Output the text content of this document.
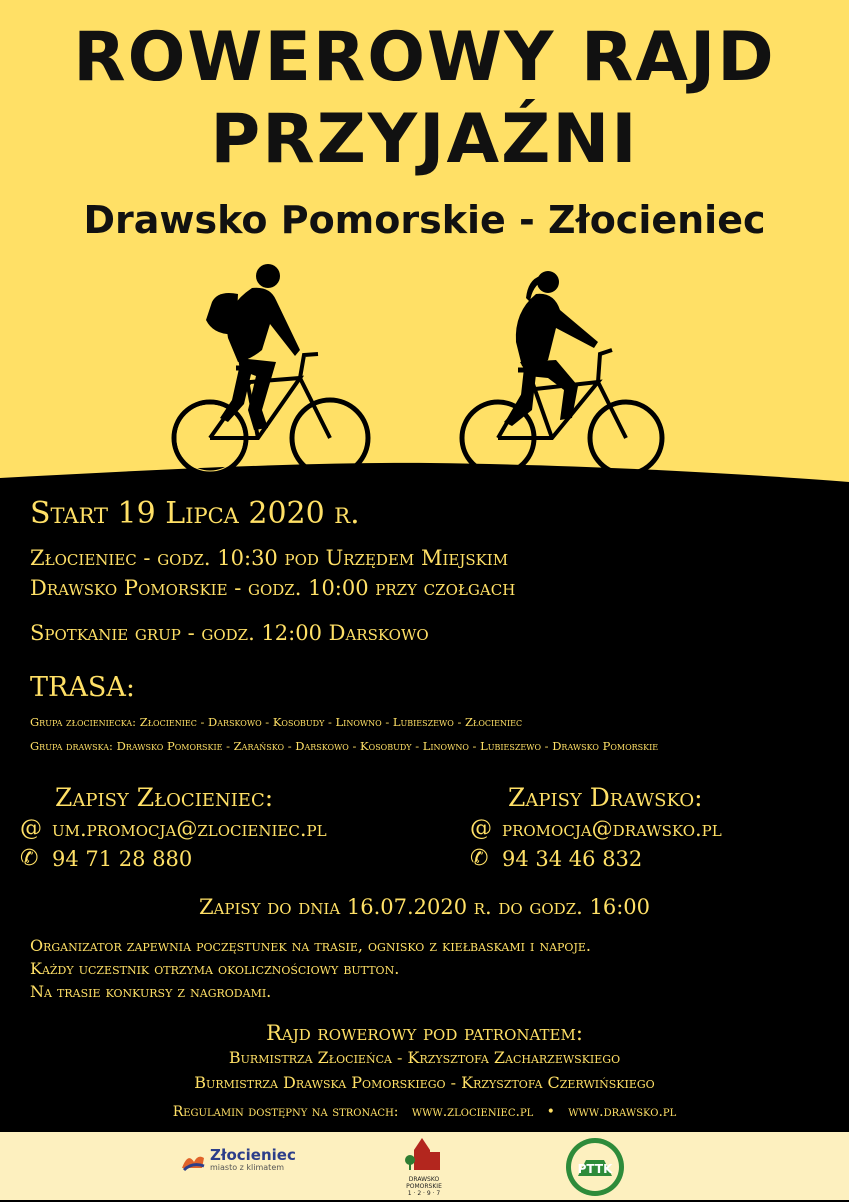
ROWEROWY RAJD
PRZYJAŹNI
Drawsko Pomorskie - Złocieniec
Start 19 Lipca 2020 r.
Złocieniec - godz. 10:30 pod Urzędem Miejskim
Drawsko Pomorskie - godz. 10:00 przy czołgach
Spotkanie grup - godz. 12:00 Darskowo
TRASA:
Grupa złocieniecka: Złocieniec - Darskowo - Kosobudy - Linowno - Lubieszewo - Złocieniec
Grupa drawska: Drawsko Pomorskie - Zarańsko - Darskowo - Kosobudy - Linowno - Lubieszewo - Drawsko Pomorskie
Zapisy Złocieniec:
@ um.promocja@zlocieniec.pl
✆ 94 71 28 880
Zapisy Drawsko:
@ promocja@drawsko.pl
✆ 94 34 46 832
Zapisy do dnia 16.07.2020 r. do godz. 16:00
Organizator zapewnia poczęstunek na trasie, ognisko z kiełbaskami i napoje.
Każdy uczestnik otrzyma okolicznościowy button.
Na trasie konkursy z nagrodami.
Rajd rowerowy pod patronatem:
Burmistrza Złocieńca - Krzysztofa Zacharzewskiego
Burmistrza Drawska Pomorskiego - Krzysztofa Czerwińskiego
Regulamin dostępny na stronach:   www.zlocieniec.pl   •   www.drawsko.pl
Złocieniec
miasto z klimatem
DRAWSKO
POMORSKIE
1 · 2 · 9 · 7
PTTK
